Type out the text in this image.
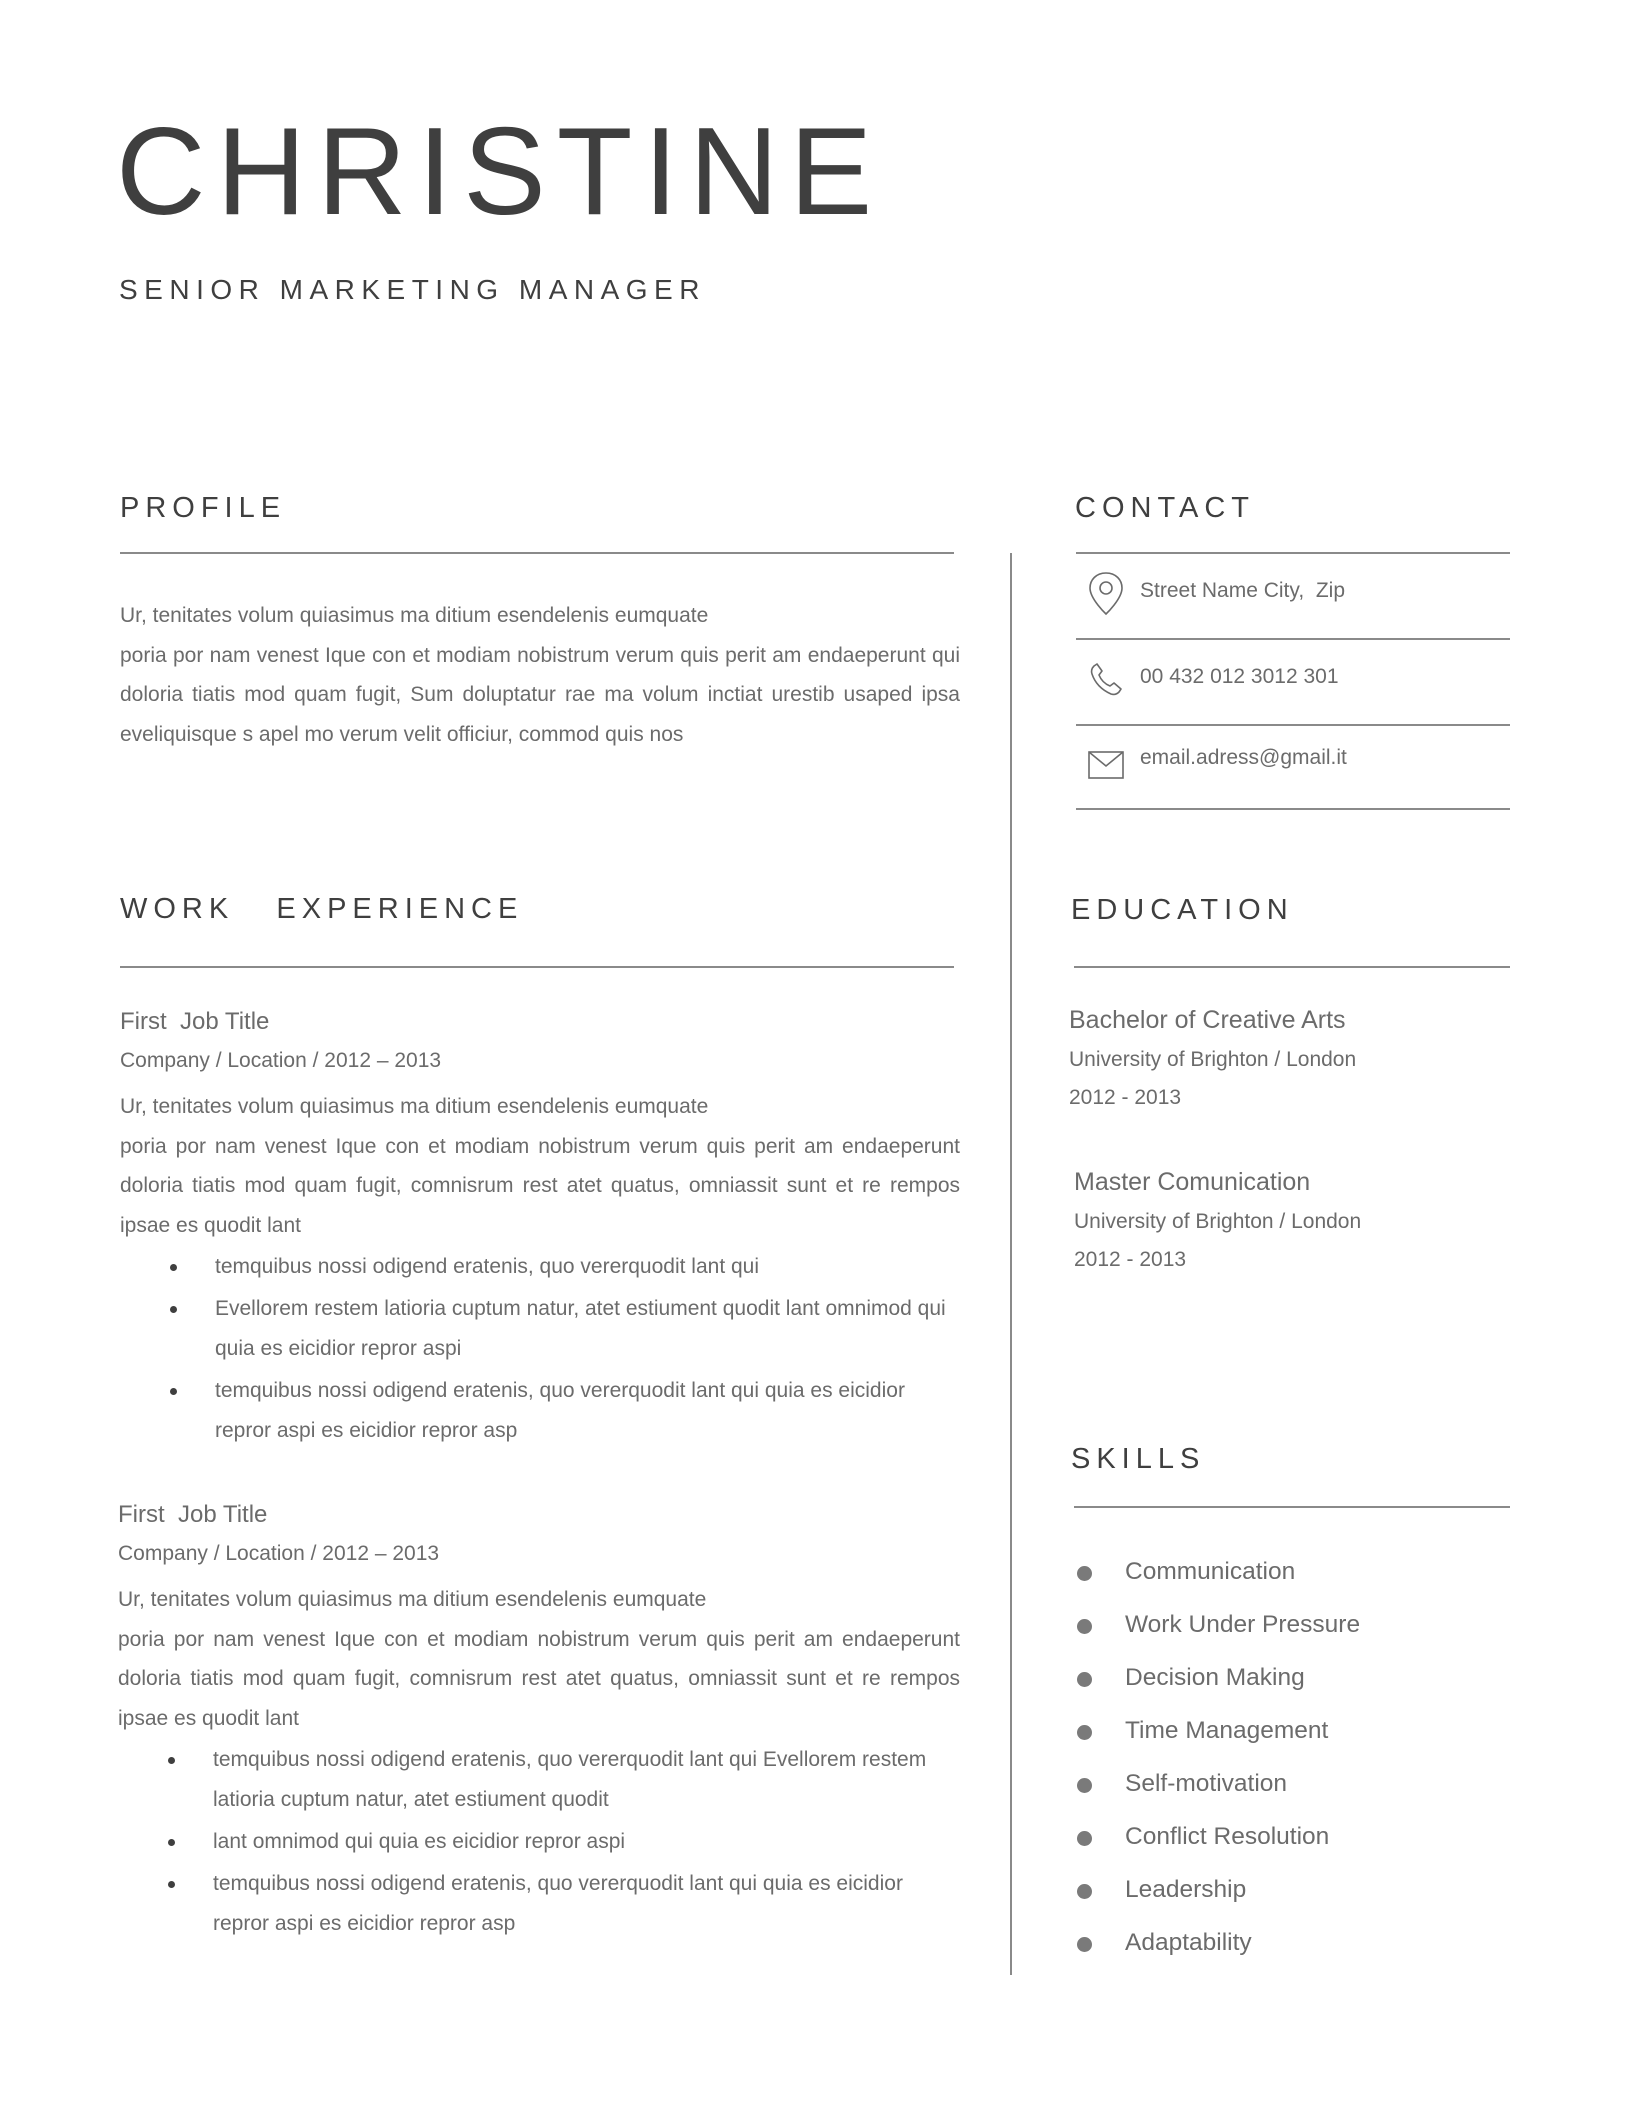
CHRISTINE
SENIOR MARKETING MANAGER
PROFILE

Ur, tenitates volum quiasimus ma ditium esendelenis eumquate
poria por nam venest Ique con et modiam nobistrum verum quis perit am endaeperunt qui doloria tiatis mod quam fugit, Sum doluptatur rae ma volum inctiat urestib usaped ipsa eveliquisque s apel mo verum velit officiur, commod quis nos

WORK   EXPERIENCE
First  Job Title
Company / Location / 2012 – 2013

Ur, tenitates volum quiasimus ma ditium esendelenis eumquate
poria por nam venest Ique con et modiam nobistrum verum quis perit am endaeperunt doloria tiatis mod quam fugit, comnisrum rest atet quatus, omniassit sunt et re rempos ipsae es quodit lant

temquibus nossi odigend eratenis, quo vererquodit lant qui
Evellorem restem latioria cuptum natur, atet estiument quodit lant omnimod qui quia es eicidior repror aspi
temquibus nossi odigend eratenis, quo vererquodit lant qui quia es eicidior repror aspi es eicidior repror asp
First  Job Title
Company / Location / 2012 – 2013

Ur, tenitates volum quiasimus ma ditium esendelenis eumquate
poria por nam venest Ique con et modiam nobistrum verum quis perit am endaeperunt doloria tiatis mod quam fugit, comnisrum rest atet quatus, omniassit sunt et re rempos ipsae es quodit lant

temquibus nossi odigend eratenis, quo vererquodit lant qui Evellorem restem latioria cuptum natur, atet estiument quodit
lant omnimod qui quia es eicidior repror aspi
temquibus nossi odigend eratenis, quo vererquodit lant qui quia es eicidior repror aspi es eicidior repror asp
CONTACT
Street Name City,  Zip
00 432 012 3012 301
email.adress@gmail.it
EDUCATION
Bachelor of Creative Arts
University of Brighton / London
2012 - 2013
Master Comunication
University of Brighton / London
2012 - 2013
SKILLS
Communication
Work Under Pressure
Decision Making
Time Management
Self-motivation
Conflict Resolution
Leadership
Adaptability
